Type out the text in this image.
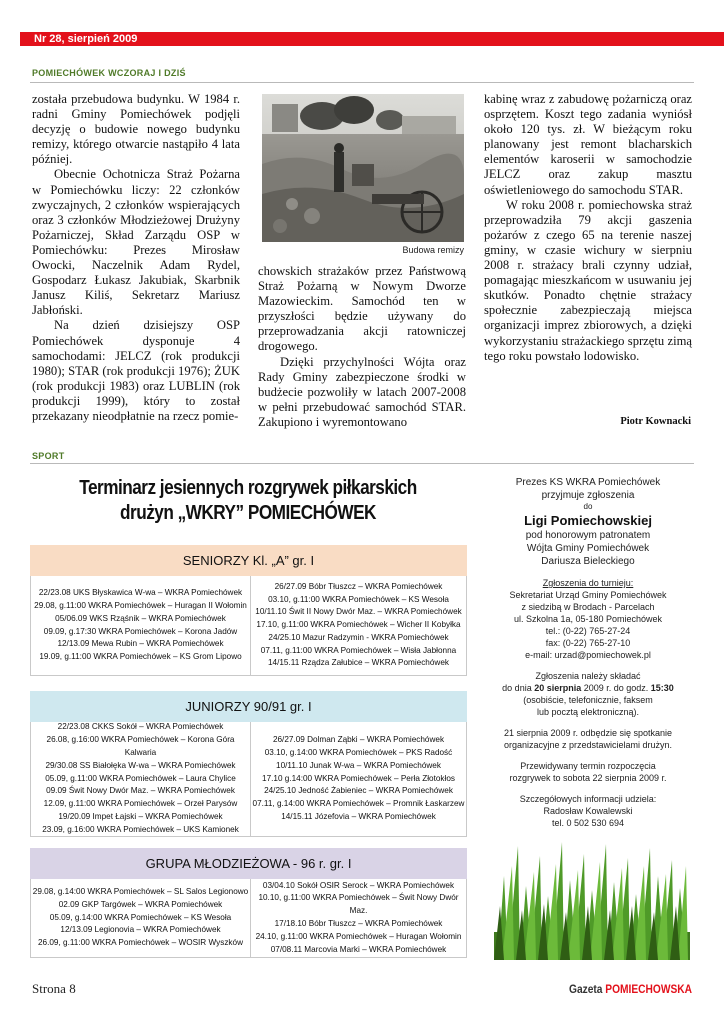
Nr 28, sierpień 2009
POMIECHÓWEK WCZORAJ I DZIŚ

została przebudowa budynku. W 1984 r. radni Gminy Pomiechówek podjęli decyzję o budowie nowego budynku remizy, którego otwarcie nastąpiło 4 lata później.

Obecnie Ochotnicza Straż Pożarna w Pomiechówku liczy: 22 członków zwyczajnych, 2 członków wspierających oraz 3 członków Młodzieżowej Drużyny Pożarniczej, Skład Zarządu OSP w Pomiechówku: Prezes Mirosław Owocki, Naczelnik Adam Rydel, Gospodarz Łukasz Jakubiak, Skarbnik Janusz Kiliś, Sekretarz Mariusz Jabłoński.

Na dzień dzisiejszy OSP Pomiechówek dysponuje 4 samochodami: JELCZ (rok produkcji 1980); STAR (rok produkcji 1976); ŻUK (rok produkcji 1983) oraz LUBLIN (rok produkcji 1999), który to został przekazany nieodpłatnie na rzecz pomie-

Budowa remizy

chowskich strażaków przez Państwową Straż Pożarną w Nowym Dworze Mazowieckim. Samochód ten w przyszłości będzie używany do przeprowadzania akcji ratowniczej drogowego.

Dzięki przychylności Wójta oraz Rady Gminy zabezpieczone środki w budżecie pozwoliły w latach 2007-2008 w pełni przebudować samochód STAR. Zakupiono i wyremontowano

kabinę wraz z zabudowę pożarniczą oraz osprzętem. Koszt tego zadania wyniósł około 120 tys. zł. W bieżącym roku planowany jest remont blacharskich elementów karoserii w samochodzie JELCZ oraz zakup masztu oświetleniowego do samochodu STAR.

W roku 2008 r. pomiechowska straż przeprowadziła 79 akcji gaszenia pożarów z czego 65 na terenie naszej gminy, w czasie wichury w sierpniu 2008 r. strażacy brali czynny udział, pomagając mieszkańcom w usuwaniu jej skutków. Ponadto chętnie strażacy społecznie zabezpieczają miejsca organizacji imprez zbiorowych, a dzięki wykorzystaniu strażackiego sprzętu zimą tego roku powstało lodowisko.

Piotr Kownacki
SPORT
Terminarz jesiennych rozgrywek piłkarskich
drużyn „WKRY” POMIECHÓWEK
SENIORZY Kl. „A” gr. I
22/23.08 UKS Błyskawica W-wa – WKRA Pomiechówek
29.08, g.11:00 WKRA Pomiechówek – Huragan II Wołomin
05/06.09 WKS Rząśnik – WKRA Pomiechówek
09.09, g.17:30 WKRA Pomiechówek – Korona Jadów
12/13.09 Mewa Rubin – WKRA Pomiechówek
19.09, g.11:00 WKRA Pomiechówek – KS Grom Lipowo
26/27.09 Bóbr Tłuszcz – WKRA Pomiechówek
03.10, g.11:00 WKRA Pomiechówek – KS Wesoła
10/11.10 Świt II Nowy Dwór Maz. – WKRA Pomiechówek
17.10, g.11:00 WKRA Pomiechówek – Wicher II Kobyłka
24/25.10 Mazur Radzymin - WKRA Pomiechówek
07.11, g.11:00 WKRA Pomiechówek – Wisła Jabłonna
14/15.11 Rządza Załubice – WKRA Pomiechówek
JUNIORZY 90/91 gr. I
22/23.08 CKKS Sokół – WKRA Pomiechówek
26.08, g.16:00 WKRA Pomiechówek – Korona Góra Kalwaria
29/30.08 SS Białołęka W-wa – WKRA Pomiechówek
05.09, g.11:00 WKRA Pomiechówek – Laura Chylice
09.09 Świt Nowy Dwór Maz. – WKRA Pomiechówek
12.09, g.11:00 WKRA Pomiechówek – Orzeł Parysów
19/20.09 Impet Łajski – WKRA Pomiechówek
23.09, g.16:00 WKRA Pomiechówek – UKS Kamionek
26/27.09 Dolman Ząbki – WKRA Pomiechówek
03.10, g.14:00 WKRA Pomiechówek – PKS Radość
10/11.10 Junak W-wa – WKRA Pomiechówek
17.10 g.14:00 WKRA Pomiechówek – Perła Złotokłos
24/25.10 Jedność Żabieniec – WKRA Pomiechówek
07.11, g.14:00 WKRA Pomiechówek – Promnik Łaskarzew
14/15.11 Józefovia – WKRA Pomiechówek
GRUPA MŁODZIEŻOWA - 96 r. gr. I
29.08, g.14:00 WKRA Pomiechówek – SL Salos Legionowo
02.09 GKP Targówek – WKRA Pomiechówek
05.09, g.14:00 WKRA Pomiechówek – KS Wesoła
12/13.09 Legionovia – WKRA Pomiechówek
26.09, g.11:00 WKRA Pomiechówek – WOSIR Wyszków
03/04.10 Sokół OSIR Serock – WKRA Pomiechówek
10.10, g.11:00 WKRA Pomiechówek – Świt Nowy Dwór Maz.
17/18.10 Bóbr Tłuszcz – WKRA Pomiechówek
24.10, g.11:00 WKRA Pomiechówek – Huragan Wołomin
07/08.11 Marcovia Marki – WKRA Pomiechówek
Prezes KS WKRA Pomiechówek
przyjmuje zgłoszenia
do
Ligi Pomiechowskiej
pod honorowym patronatem
Wójta Gminy Pomiechówek
Dariusza Bieleckiego
Zgłoszenia do turnieju:
Sekretariat Urząd Gminy Pomiechówek
z siedzibą w Brodach - Parcelach
ul. Szkolna 1a, 05-180 Pomiechówek
tel.: (0-22) 765-27-24
fax: (0-22) 765-27-10
e-mail: urzad@pomiechowek.pl
Zgłoszenia należy składać
do dnia 20 sierpnia 2009 r. do godz. 15:30
(osobiście, telefonicznie, faksem
lub pocztą elektroniczną).
21 sierpnia 2009 r. odbędzie się spotkanie
organizacyjne z przedstawicielami drużyn.
Przewidywany termin rozpoczęcia
rozgrywek to sobota 22 sierpnia 2009 r.
Szczegółowych informacji udziela:
Radosław Kowalewski
tel. 0 502 530 694
Strona 8	Gazeta POMIECHOWSKA
